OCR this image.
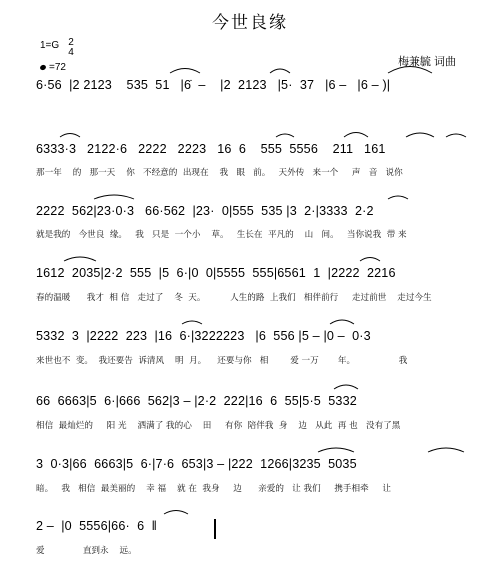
今世良缘
1=G 2
4
=72	梅兼毓 词曲
6·56  |2 2123    535  51   |6̇  –    |2  2123   |5·  37   |6 –   |6 – )|
6333·3   2122·6   2222   2223   16  6    555  5556    211   161
那一年    的   那一天    你   不经意的  出现在    我   眼   前。   天外传   来一个     声   音   说你
2222  562|23·0·3   66·562  |23·  0|555  535 |3  2·|3333  2·2
就是我的   今世良  缘。   我   只是  一个小    草。   生长在  平凡的    山   间。   当你说我  带 来
1612  2035|2·2  555  |5  6·|0  0|5555  555|6561  1  |2222  2216
春的温暖      我才  相 信   走过了    冬  天。         人生的路  上我们   相伴前行     走过前世    走过今生
5332  3  |2222  223  |16  6·|3222223   |6  556 |5 – |0 –  0·3
来世也不  变。  我还要告  诉清风    明  月。    还要与你   相        爱 一万       年。                我
66  6663|5  6·|666  562|3 – |2·2  222|16  6  55|5·5  5332
相信  最灿烂的     阳 光    洒满了 我的心    田     有你  陪伴我  身    边   从此  再 也   没有了黑
3  0·3|66  6663|5  6·|7·6  653|3 – |222  1266|3235  5035
暗。   我   相信  最美丽的    幸 福    就 在  我身     边      亲爱的   让 我们     携手相牵     让
2 –  |0  5556|66·  6  ‖
爱              直到永    远。
